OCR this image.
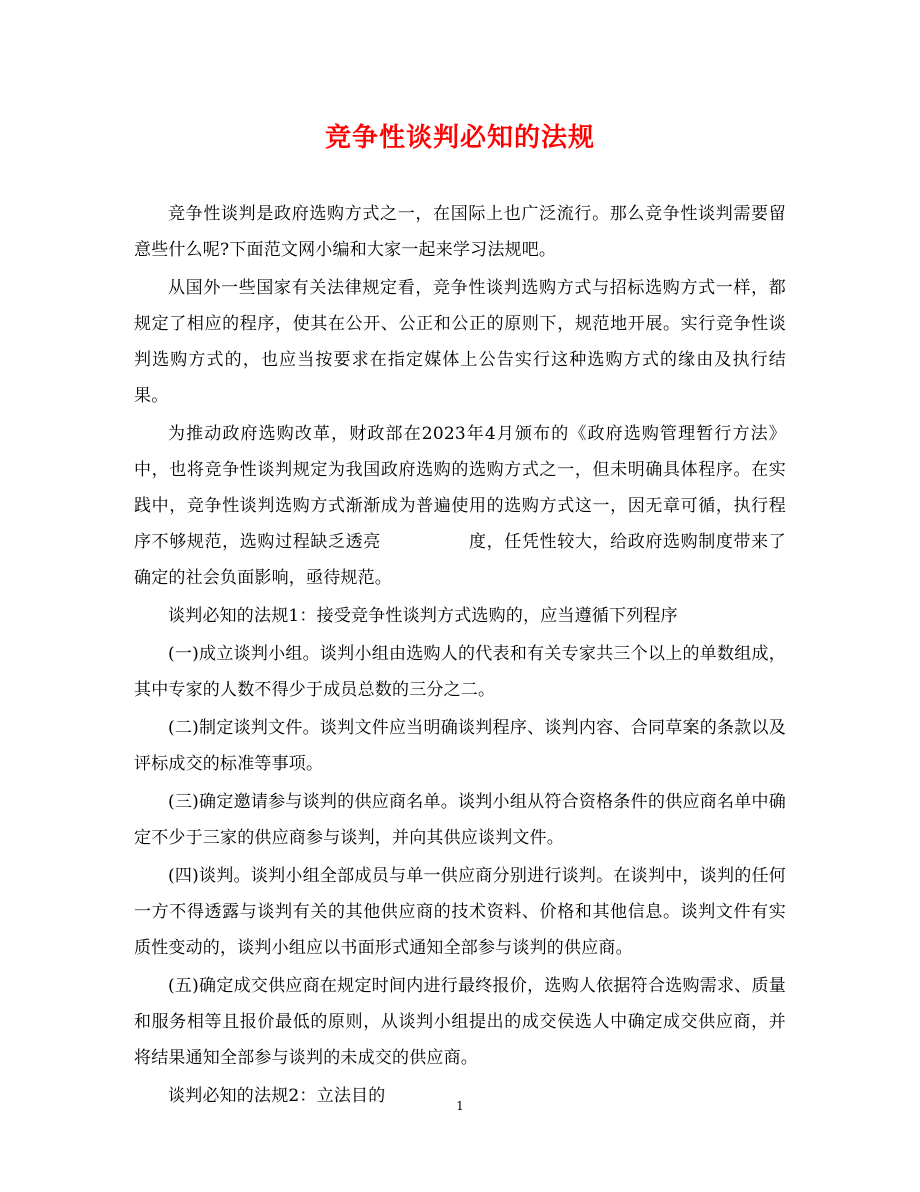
竞争性谈判必知的法规

竞争性谈判是政府选购方式之一，在国际上也广泛流行。那么竞争性谈判需要留意些什么呢?下面范文网小编和大家一起来学习法规吧。

从国外一些国家有关法律规定看，竞争性谈判选购方式与招标选购方式一样，都规定了相应的程序，使其在公开、公正和公正的原则下，规范地开展。实行竞争性谈判选购方式的，也应当按要求在指定媒体上公告实行这种选购方式的缘由及执行结果。

为推动政府选购改革，财政部在2023年4月颁布的《政府选购管理暂行方法》中，也将竞争性谈判规定为我国政府选购的选购方式之一，但未明确具体程序。在实践中，竞争性谈判选购方式渐渐成为普遍使用的选购方式这一，因无章可循，执行程序不够规范，选购过程缺乏透亮　　　　　度，任凭性较大，给政府选购制度带来了确定的社会负面影响，亟待规范。

谈判必知的法规1：接受竞争性谈判方式选购的，应当遵循下列程序

(一)成立谈判小组。谈判小组由选购人的代表和有关专家共三个以上的单数组成，其中专家的人数不得少于成员总数的三分之二。

(二)制定谈判文件。谈判文件应当明确谈判程序、谈判内容、合同草案的条款以及评标成交的标准等事项。

(三)确定邀请参与谈判的供应商名单。谈判小组从符合资格条件的供应商名单中确定不少于三家的供应商参与谈判，并向其供应谈判文件。

(四)谈判。谈判小组全部成员与单一供应商分别进行谈判。在谈判中，谈判的任何一方不得透露与谈判有关的其他供应商的技术资料、价格和其他信息。谈判文件有实质性变动的，谈判小组应以书面形式通知全部参与谈判的供应商。

(五)确定成交供应商在规定时间内进行最终报价，选购人依据符合选购需求、质量和服务相等且报价最低的原则，从谈判小组提出的成交侯选人中确定成交供应商，并将结果通知全部参与谈判的未成交的供应商。

谈判必知的法规2：立法目的	1
